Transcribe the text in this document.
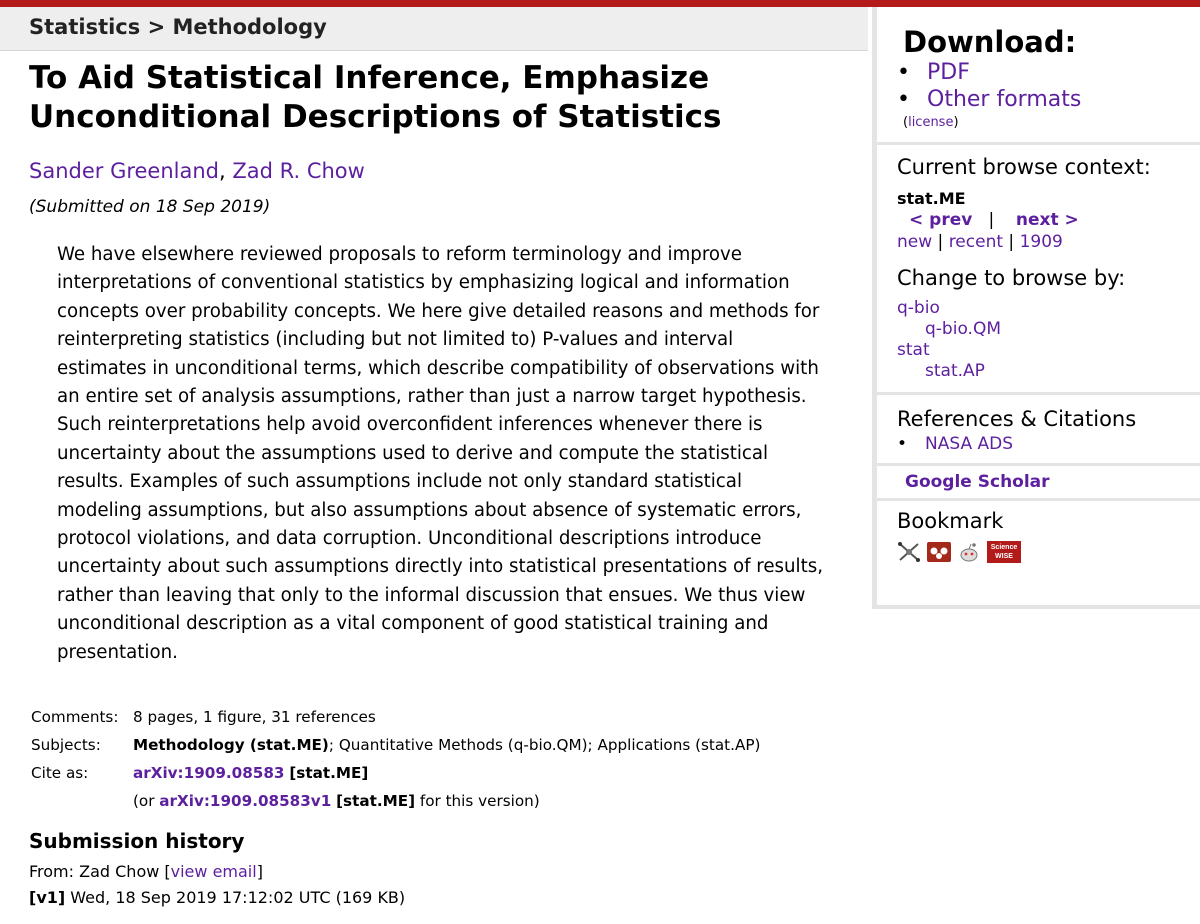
Statistics > Methodology
To Aid Statistical Inference, Emphasize Unconditional Descriptions of Statistics
Sander Greenland, Zad R. Chow
(Submitted on 18 Sep 2019)

We have elsewhere reviewed proposals to reform terminology and improve interpretations of conventional statistics by emphasizing logical and information concepts over probability concepts. We here give detailed reasons and methods for reinterpreting statistics (including but not limited to) P-values and interval estimates in unconditional terms, which describe compatibility of observations with an entire set of analysis assumptions, rather than just a narrow target hypothesis. Such reinterpretations help avoid overconfident inferences whenever there is uncertainty about the assumptions used to derive and compute the statistical results. Examples of such assumptions include not only standard statistical modeling assumptions, but also assumptions about absence of systematic errors, protocol violations, and data corruption. Unconditional descriptions introduce uncertainty about such assumptions directly into statistical presentations of results, rather than leaving that only to the informal discussion that ensues. We thus view unconditional description as a vital component of good statistical training and presentation.

Comments: 8 pages, 1 figure, 31 references
Subjects:	Methodology (stat.ME); Quantitative Methods (q-bio.QM); Applications (stat.AP)
Cite as:	arXiv:1909.08583 [stat.ME]
(or arXiv:1909.08583v1 [stat.ME] for this version)
Submission history
From: Zad Chow [view email]
[v1] Wed, 18 Sep 2019 17:12:02 UTC (169 KB)
Download:
• PDF
• Other formats
(license)
Current browse context:
stat.ME
< prev | next >
new | recent | 1909
Change to browse by:
q-bio
q-bio.QM
stat
stat.AP
References & Citations
• NASA ADS
Google Scholar
Bookmark
Science WISE
